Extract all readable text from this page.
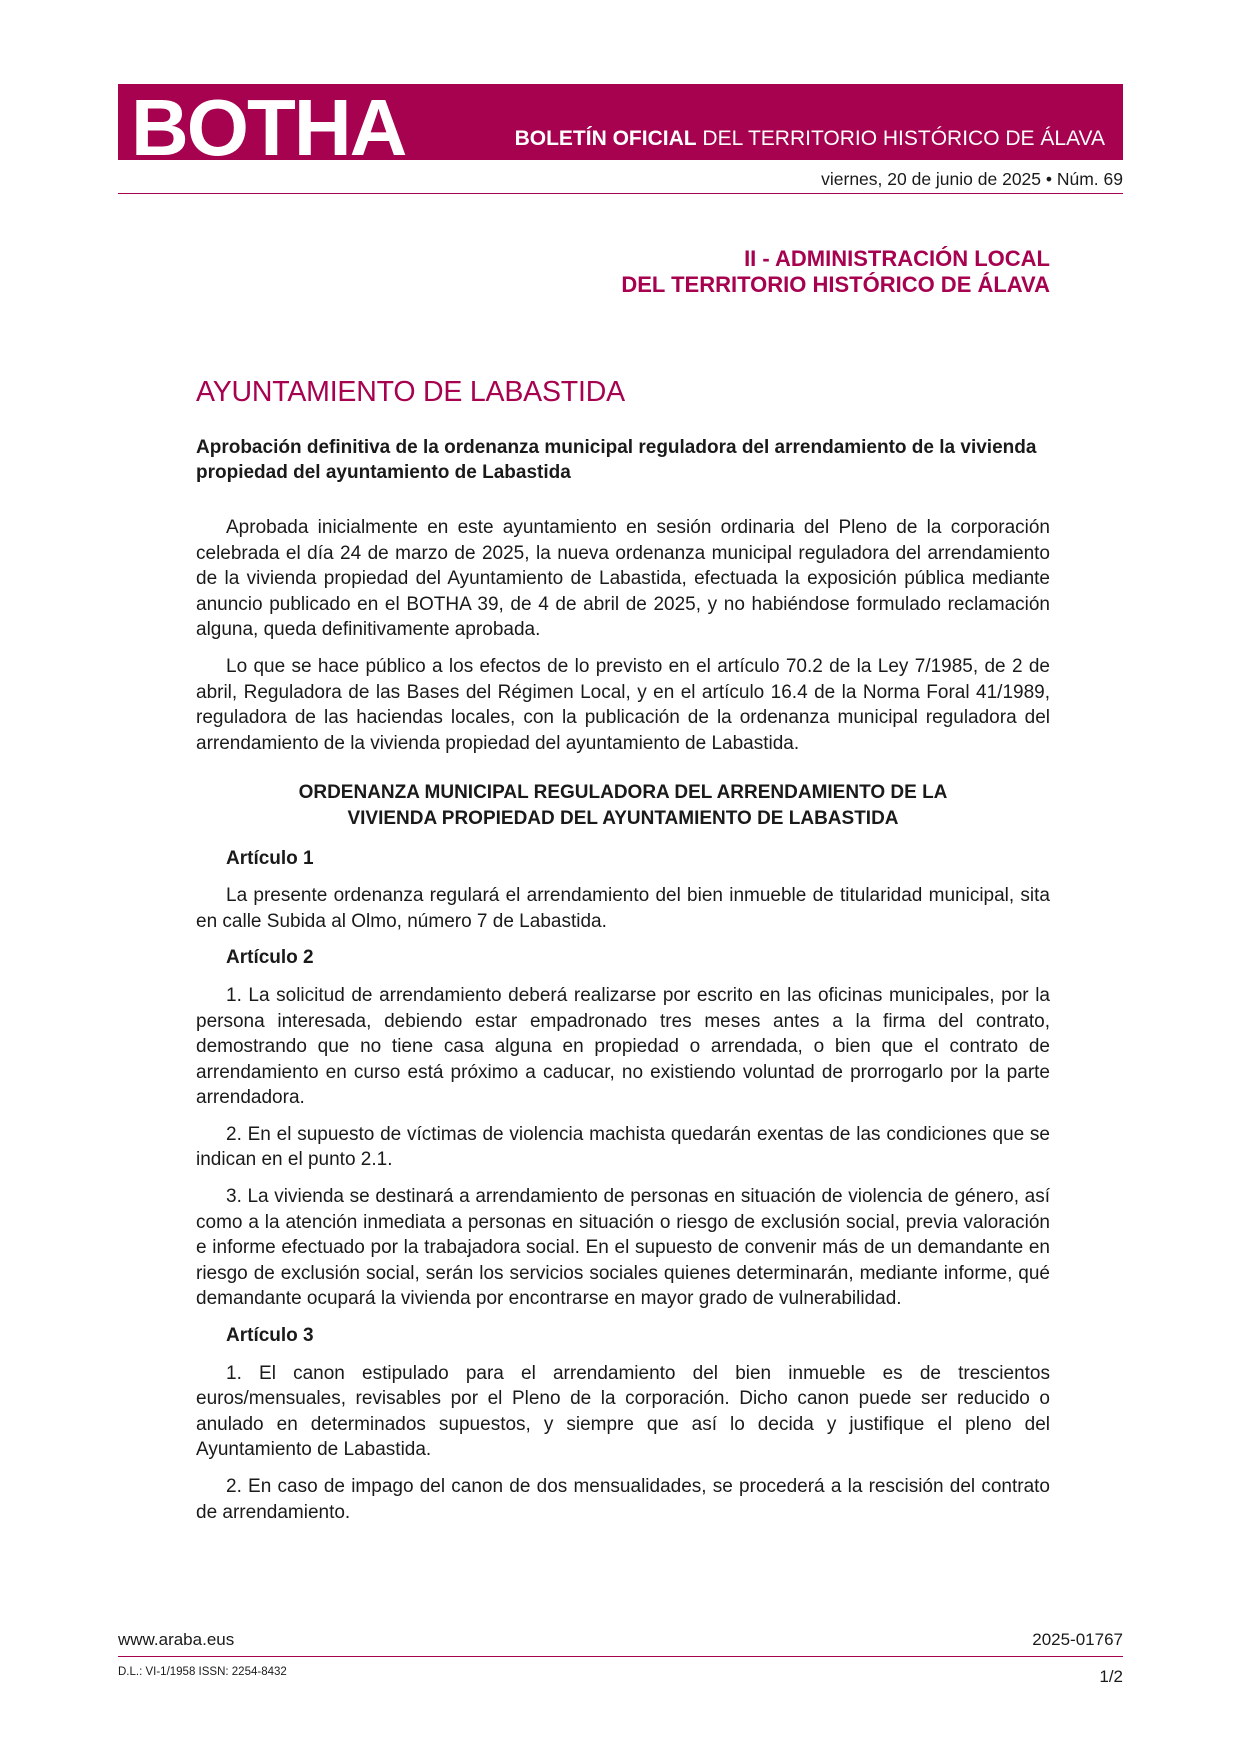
BOTHA	BOLETÍN OFICIAL DEL TERRITORIO HISTÓRICO DE ÁLAVA
viernes, 20 de junio de 2025 • Núm. 69
II - ADMINISTRACIÓN LOCAL
DEL TERRITORIO HISTÓRICO DE ÁLAVA
AYUNTAMIENTO DE LABASTIDA
Aprobación definitiva de la ordenanza municipal reguladora del arrendamiento de la vivienda propiedad del ayuntamiento de Labastida

Aprobada inicialmente en este ayuntamiento en sesión ordinaria del Pleno de la corporación celebrada el día 24 de marzo de 2025, la nueva ordenanza municipal reguladora del arrendamiento de la vivienda propiedad del Ayuntamiento de Labastida, efectuada la exposición pública mediante anuncio publicado en el BOTHA 39, de 4 de abril de 2025, y no habiéndose formulado reclamación alguna, queda definitivamente aprobada.

Lo que se hace público a los efectos de lo previsto en el artículo 70.2 de la Ley 7/1985, de 2 de abril, Reguladora de las Bases del Régimen Local, y en el artículo 16.4 de la Norma Foral 41/1989, reguladora de las haciendas locales, con la publicación de la ordenanza municipal reguladora del arrendamiento de la vivienda propiedad del ayuntamiento de Labastida.

ORDENANZA MUNICIPAL REGULADORA DEL ARRENDAMIENTO DE LA
VIVIENDA PROPIEDAD DEL AYUNTAMIENTO DE LABASTIDA
Artículo 1

La presente ordenanza regulará el arrendamiento del bien inmueble de titularidad municipal, sita en calle Subida al Olmo, número 7 de Labastida.

Artículo 2

1. La solicitud de arrendamiento deberá realizarse por escrito en las oficinas municipales, por la persona interesada, debiendo estar empadronado tres meses antes a la firma del contrato, demostrando que no tiene casa alguna en propiedad o arrendada, o bien que el contrato de arrendamiento en curso está próximo a caducar, no existiendo voluntad de prorrogarlo por la parte arrendadora.

2. En el supuesto de víctimas de violencia machista quedarán exentas de las condiciones que se indican en el punto 2.1.

3. La vivienda se destinará a arrendamiento de personas en situación de violencia de género, así como a la atención inmediata a personas en situación o riesgo de exclusión social, previa valoración e informe efectuado por la trabajadora social. En el supuesto de convenir más de un demandante en riesgo de exclusión social, serán los servicios sociales quienes determinarán, mediante informe, qué demandante ocupará la vivienda por encontrarse en mayor grado de vulnerabilidad.

Artículo 3

1. El canon estipulado para el arrendamiento del bien inmueble es de trescientos euros/mensuales, revisables por el Pleno de la corporación. Dicho canon puede ser reducido o anulado en determinados supuestos, y siempre que así lo decida y justifique el pleno del Ayuntamiento de Labastida.

2. En caso de impago del canon de dos mensualidades, se procederá a la rescisión del contrato de arrendamiento.

www.araba.eus	2025-01767
D.L.: VI-1/1958 ISSN: 2254-8432	1/2
